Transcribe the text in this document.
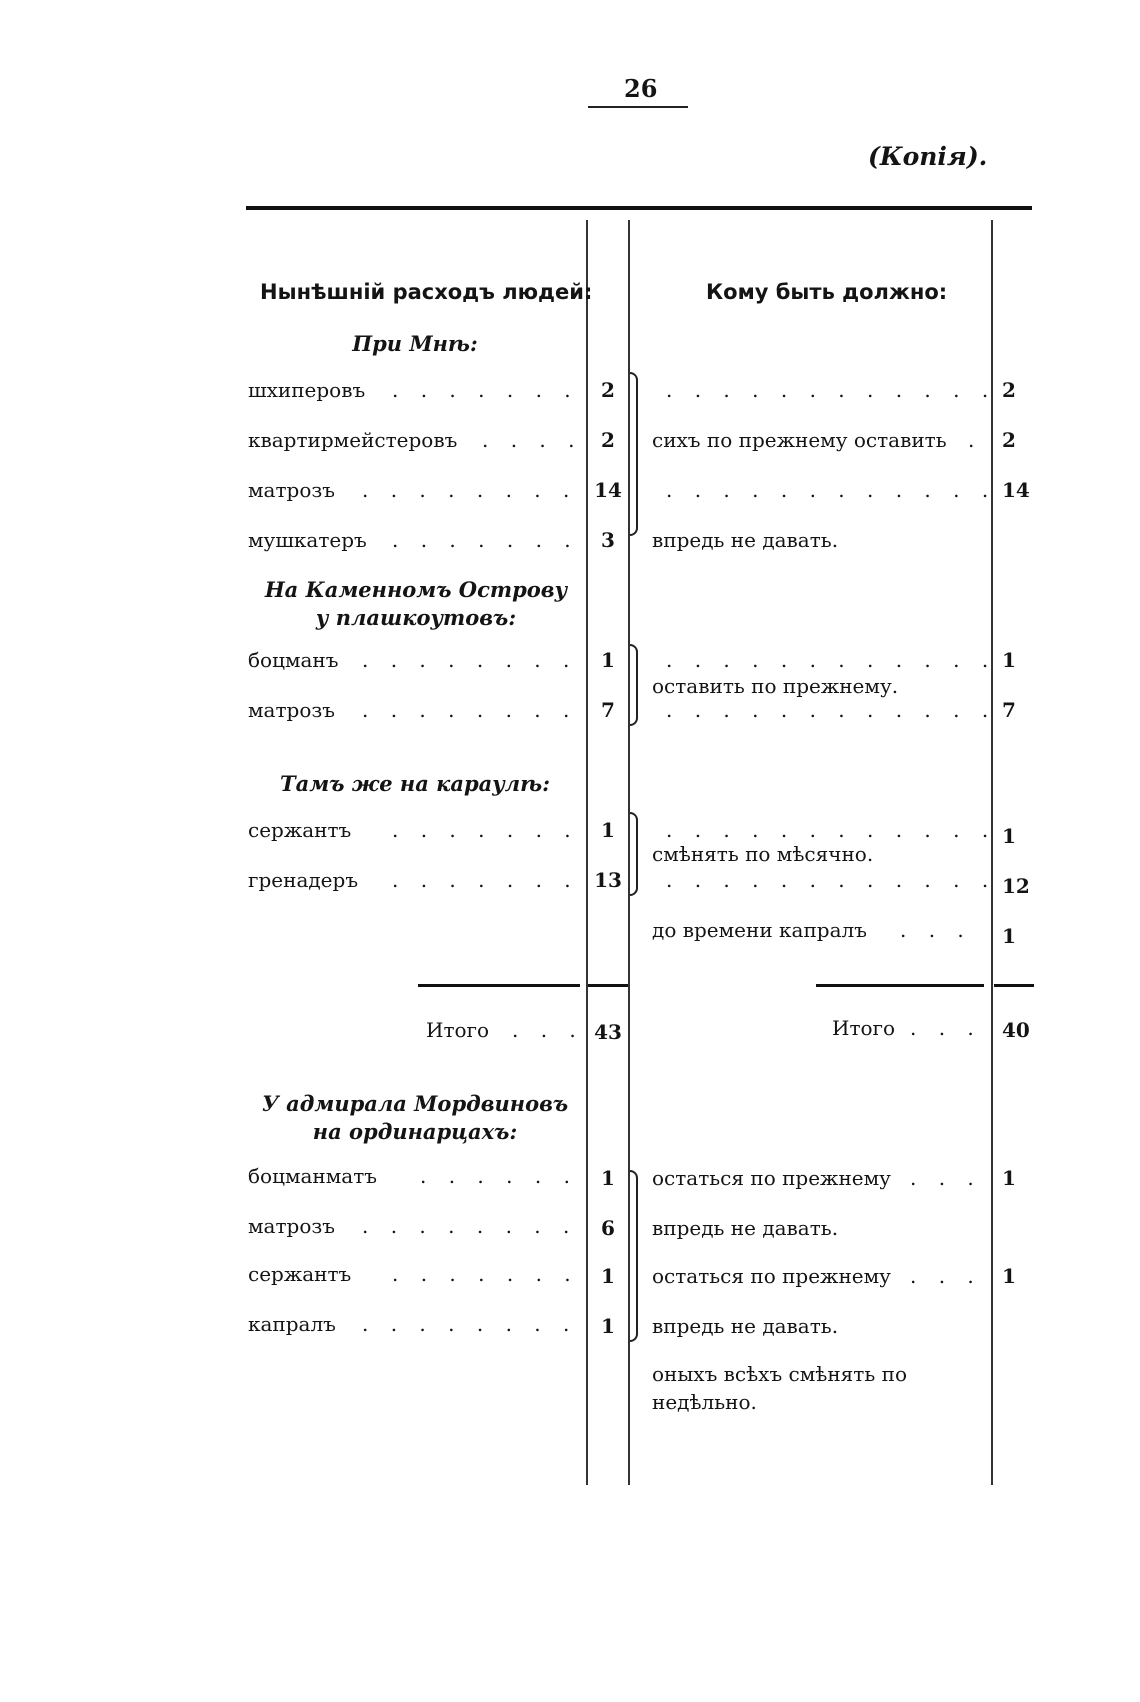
26
(Копія).
Нынѣшній расходъ людей:	Кому быть должно:
При Мнѣ:
шхиперовъ . . . . . . .	2	. . . . . . . . . . . . 2
квартирмейстеровъ . . . . 2	сихъ по прежнему оставить . 2
матрозъ . . . . . . . . 14	. . . . . . . . . . . . 14
мушкатеръ . . . . . . .	3	впредь не давать.
На Каменномъ Острову у плашкоутовъ:
боцманъ . . . . . . . .	1	. . . . . . . . . . . . 1
оставить по прежнему.
матрозъ . . . . . . . .	7	. . . . . . . . . . . . 7
Тамъ же на караулѣ:
сержантъ . . . . . . .	1	. . . . . . . . . . . . 1
смѣнять по мѣсячно.
гренадеръ . . . . . . . 13	. . . . . . . . . . . . 12
до времени капралъ . . . 1
Итого . . . 43	Итого . . . 40
У адмирала Мордвиновъ на ординарцахъ:
боцманматъ . . . . . .	1	остаться по прежнему . . . 1
матрозъ . . . . . . . .	6	впредь не давать.
сержантъ . . . . . . .	1	остаться по прежнему . . . 1
капралъ . . . . . . . .	1	впредь не давать.
оныхъ всѣхъ смѣнять по недѣльно.
